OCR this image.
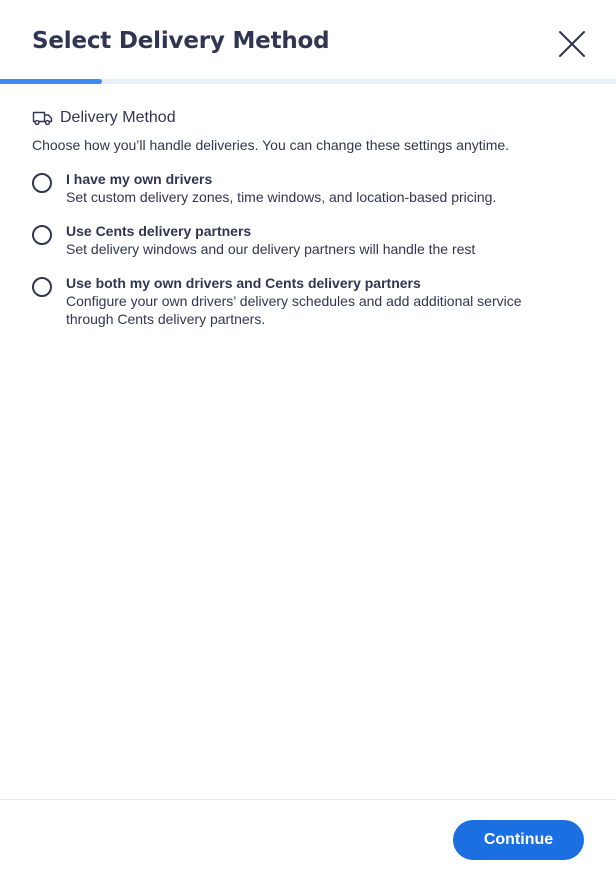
Select Delivery Method
Delivery Method
Choose how you’ll handle deliveries. You can change these settings anytime.
I have my own drivers
Set custom delivery zones, time windows, and location-based pricing.
Use Cents delivery partners
Set delivery windows and our delivery partners will handle the rest
Use both my own drivers and Cents delivery partners
Configure your own drivers’ delivery schedules and add additional service through Cents delivery partners.
Continue
